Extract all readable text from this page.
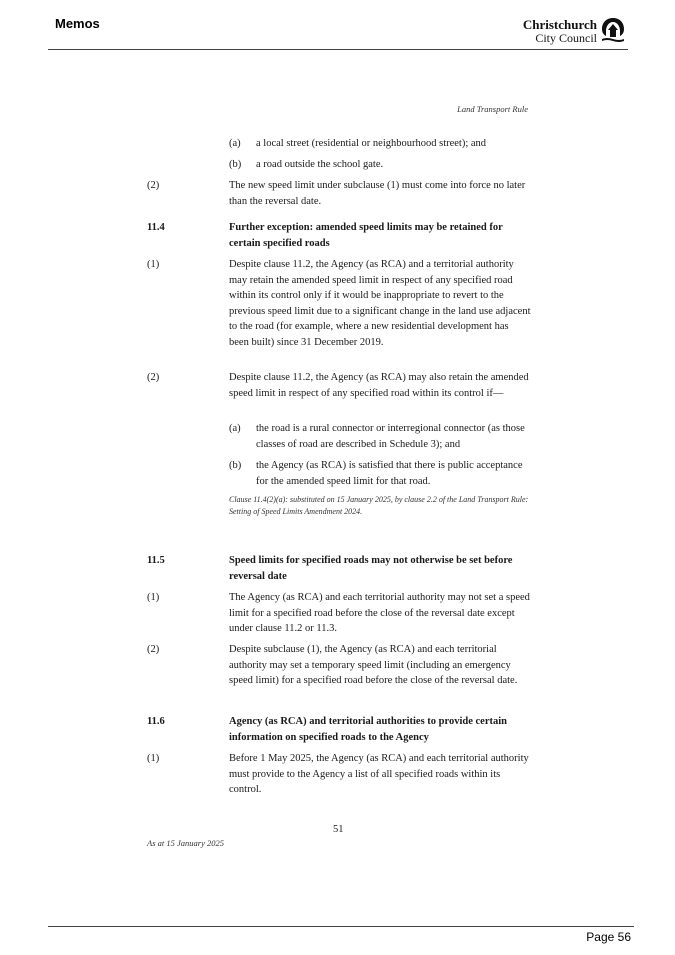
Memos	Christchurch
City Council
Land Transport Rule
(a) a local street (residential or neighbourhood street); and
(b) a road outside the school gate.
(2)	The new speed limit under subclause (1) must come into force no later than the reversal date.
11.4	Further exception: amended speed limits may be retained for certain specified roads
(1)	Despite clause 11.2, the Agency (as RCA) and a territorial authority may retain the amended speed limit in respect of any specified road within its control only if it would be inappropriate to revert to the previous speed limit due to a significant change in the land use adjacent to the road (for example, where a new residential development has been built) since 31 December 2019.
(2)	Despite clause 11.2, the Agency (as RCA) may also retain the amended speed limit in respect of any specified road within its control if—
(a) the road is a rural connector or interregional connector (as those classes of road are described in Schedule 3); and
(b) the Agency (as RCA) is satisfied that there is public acceptance for the amended speed limit for that road.
Clause 11.4(2)(a): substituted on 15 January 2025, by clause 2.2 of the Land Transport Rule: Setting of Speed Limits Amendment 2024.
11.5	Speed limits for specified roads may not otherwise be set before reversal date
(1)	The Agency (as RCA) and each territorial authority may not set a speed limit for a specified road before the close of the reversal date except under clause 11.2 or 11.3.
(2)	Despite subclause (1), the Agency (as RCA) and each territorial authority may set a temporary speed limit (including an emergency speed limit) for a specified road before the close of the reversal date.
11.6	Agency (as RCA) and territorial authorities to provide certain information on specified roads to the Agency
(1)	Before 1 May 2025, the Agency (as RCA) and each territorial authority must provide to the Agency a list of all specified roads within its control.
51
As at 15 January 2025
Page 56
